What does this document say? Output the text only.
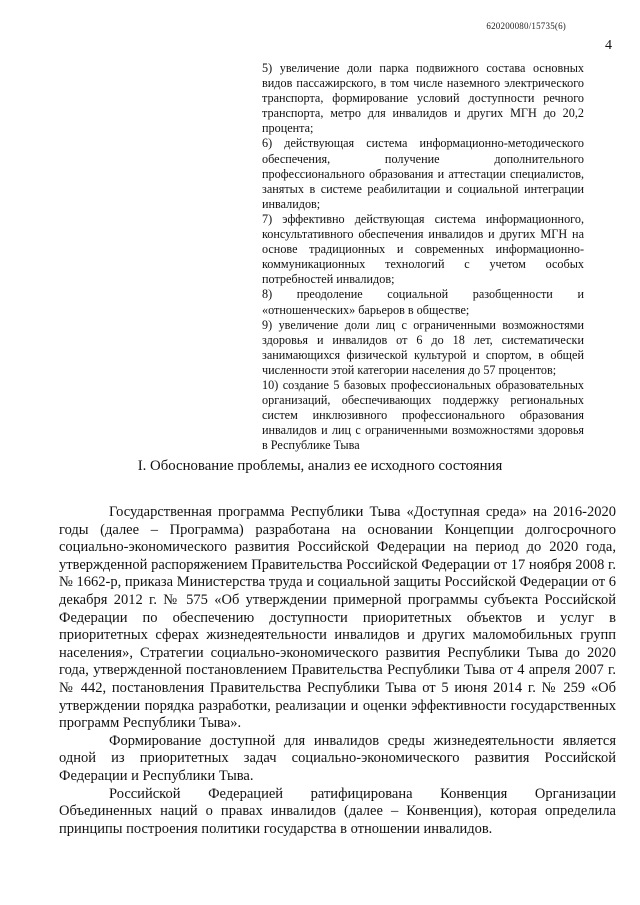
620200080/15735(6)
4

5) увеличение доли парка подвижного состава основных видов пассажирского, в том числе наземного электрического транспорта, формирование условий доступности речного транспорта, метро для инвалидов и других МГН до 20,2 процента;

6) действующая система информационно-методического обеспечения, получение дополнительного профессионального образования и аттестации специалистов, занятых в системе реабилитации и социальной интеграции инвалидов;

7) эффективно действующая система информационного, консультативного обеспечения инвалидов и других МГН на основе традиционных и современных информационно-коммуникационных технологий с учетом особых потребностей инвалидов;

8) преодоление социальной разобщенности и «отношенческих» барьеров в обществе;

9) увеличение доли лиц с ограниченными возможностями здоровья и инвалидов от 6 до 18 лет, систематически занимающихся физической культурой и спортом, в общей численности этой категории населения до 57 процентов;

10) создание 5 базовых профессиональных образовательных организаций, обеспечивающих поддержку региональных систем инклюзивного профессионального образования инвалидов и лиц с ограниченными возможностями здоровья в Республике Тыва

I. Обоснование проблемы, анализ ее исходного состояния

Государственная программа Республики Тыва «Доступная среда» на 2016-2020 годы (далее – Программа) разработана на основании Концепции долгосрочного социально-экономического развития Российской Федерации на период до 2020 года, утвержденной распоряжением Правительства Российской Федерации от 17 ноября 2008 г. № 1662-р, приказа Министерства труда и социальной защиты Российской Федерации от 6 декабря 2012 г. № 575 «Об утверждении примерной программы субъекта Российской Федерации по обеспечению доступности приоритетных объектов и услуг в приоритетных сферах жизнедеятельности инвалидов и других маломобильных групп населения», Стратегии социально-экономического развития Республики Тыва до 2020 года, утвержденной постановлением Правительства Республики Тыва от 4 апреля 2007 г. № 442, постановления Правительства Республики Тыва от 5 июня 2014 г. № 259 «Об утверждении порядка разработки, реализации и оценки эффективности государственных программ Республики Тыва».

Формирование доступной для инвалидов среды жизнедеятельности является одной из приоритетных задач социально-экономического развития Российской Федерации и Республики Тыва.

Российской Федерацией ратифицирована Конвенция Организации Объединенных наций о правах инвалидов (далее – Конвенция), которая определила принципы построения политики государства в отношении инвалидов.
